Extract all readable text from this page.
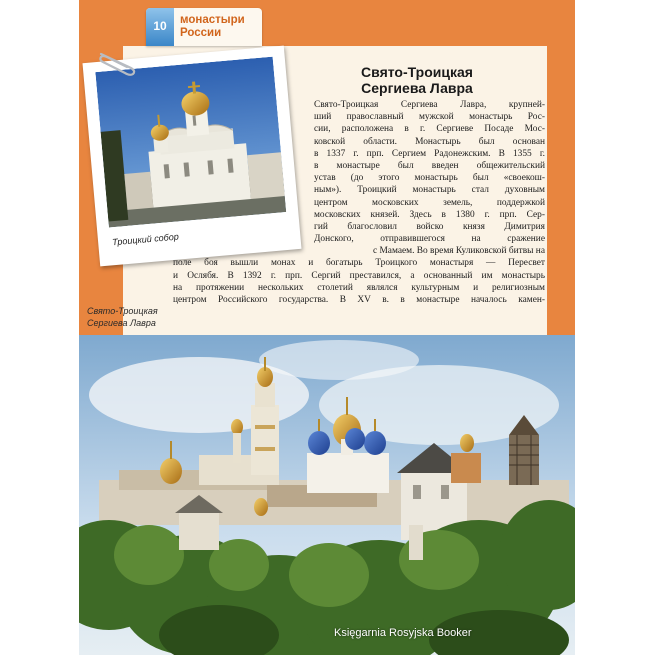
10	монастыри
России
Троицкий собор
Свято-Троицкая
Сергиева Лавра
Свято-Троицкая
Сергиева Лавра
Свято-Троицкая Сергиева Лавра, крупней-
ший православный мужской монастырь Рос-
сии, расположена в г. Сергиеве Посаде Мос-
ковской области. Монастырь был основан
в 1337 г. прп. Сергием Радонежским. В 1355 г.
в монастыре был введен общежительский
устав (до этого монастырь был «своекош-
ным»). Троицкий монастырь стал духовным
центром московских земель, поддержкой
московских князей. Здесь в 1380 г. прп. Сер-
гий благословил войско князя Димитрия
Донского, отправившегося на сражение
с Мамаем. Во время Куликовской битвы на
поле боя вышли монах и богатырь Троицкого монастыря — Пересвет
и Ослябя. В 1392 г. прп. Сергий преставился, а основанный им монастырь
на протяжении нескольких столетий являлся культурным и религиозным
центром Российского государства. В XV в. в монастыре началось камен-
Księgarnia Rosyjska Booker
